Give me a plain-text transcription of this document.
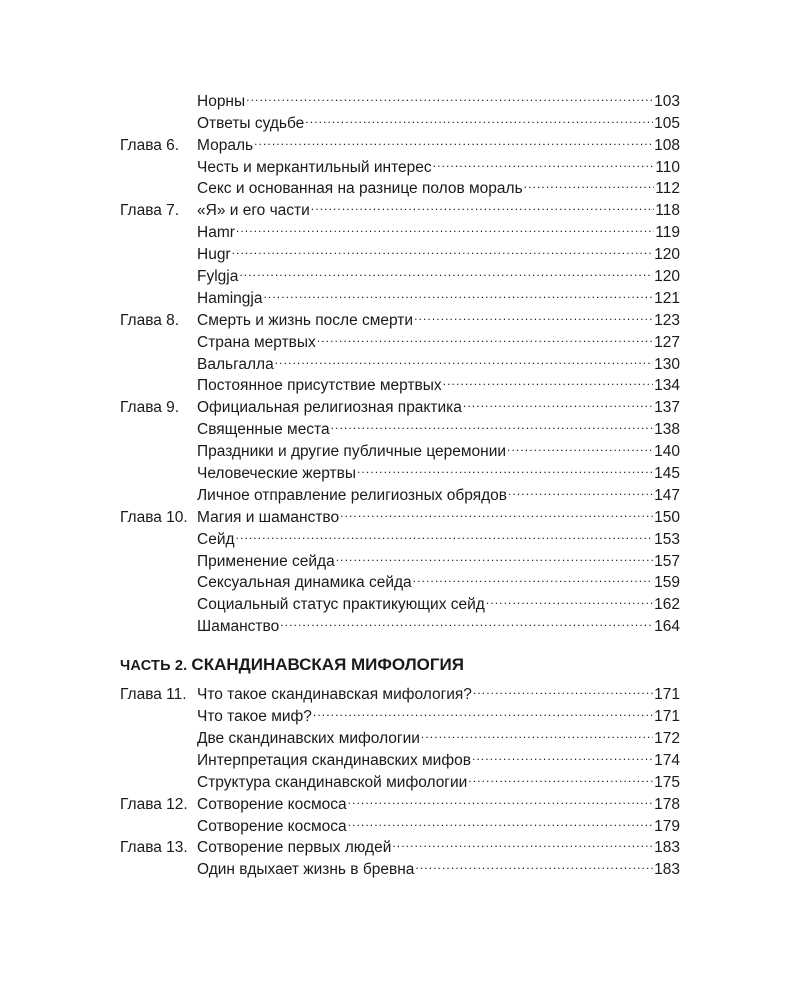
Норны .....	103
Ответы судьбе .....	105
Глава 6.	Мораль .....	108
Честь и меркантильный интерес .....	110
Секс и основанная на разнице полов мораль .....	112
Глава 7.	«Я» и его части .....	118
Hamr .....	119
Hugr .....	120
Fylgja .....	120
Hamingja .....	121
Глава 8.	Смерть и жизнь после смерти .....	123
Страна мертвых .....	127
Вальгалла .....	130
Постоянное присутствие мертвых .....	134
Глава 9.	Официальная религиозная практика .....	137
Священные места .....	138
Праздники и другие публичные церемонии .....	140
Человеческие жертвы .....	145
Личное отправление религиозных обрядов .....	147
Глава 10. Магия и шаманство .....	150
Сейд .....	153
Применение сейда .....	157
Сексуальная динамика сейда .....	159
Социальный статус практикующих сейд .....	162
Шаманство .....	164
ЧАСТЬ 2. СКАНДИНАВСКАЯ МИФОЛОГИЯ
Глава 11. Что такое скандинавская мифология? .....	171
Что такое миф? .....	171
Две скандинавских мифологии .....	172
Интерпретация скандинавских мифов .....	174
Структура скандинавской мифологии .....	175
Глава 12. Сотворение космоса .....	178
Сотворение космоса .....	179
Глава 13. Сотворение первых людей .....	183
Один вдыхает жизнь в бревна .....	183
